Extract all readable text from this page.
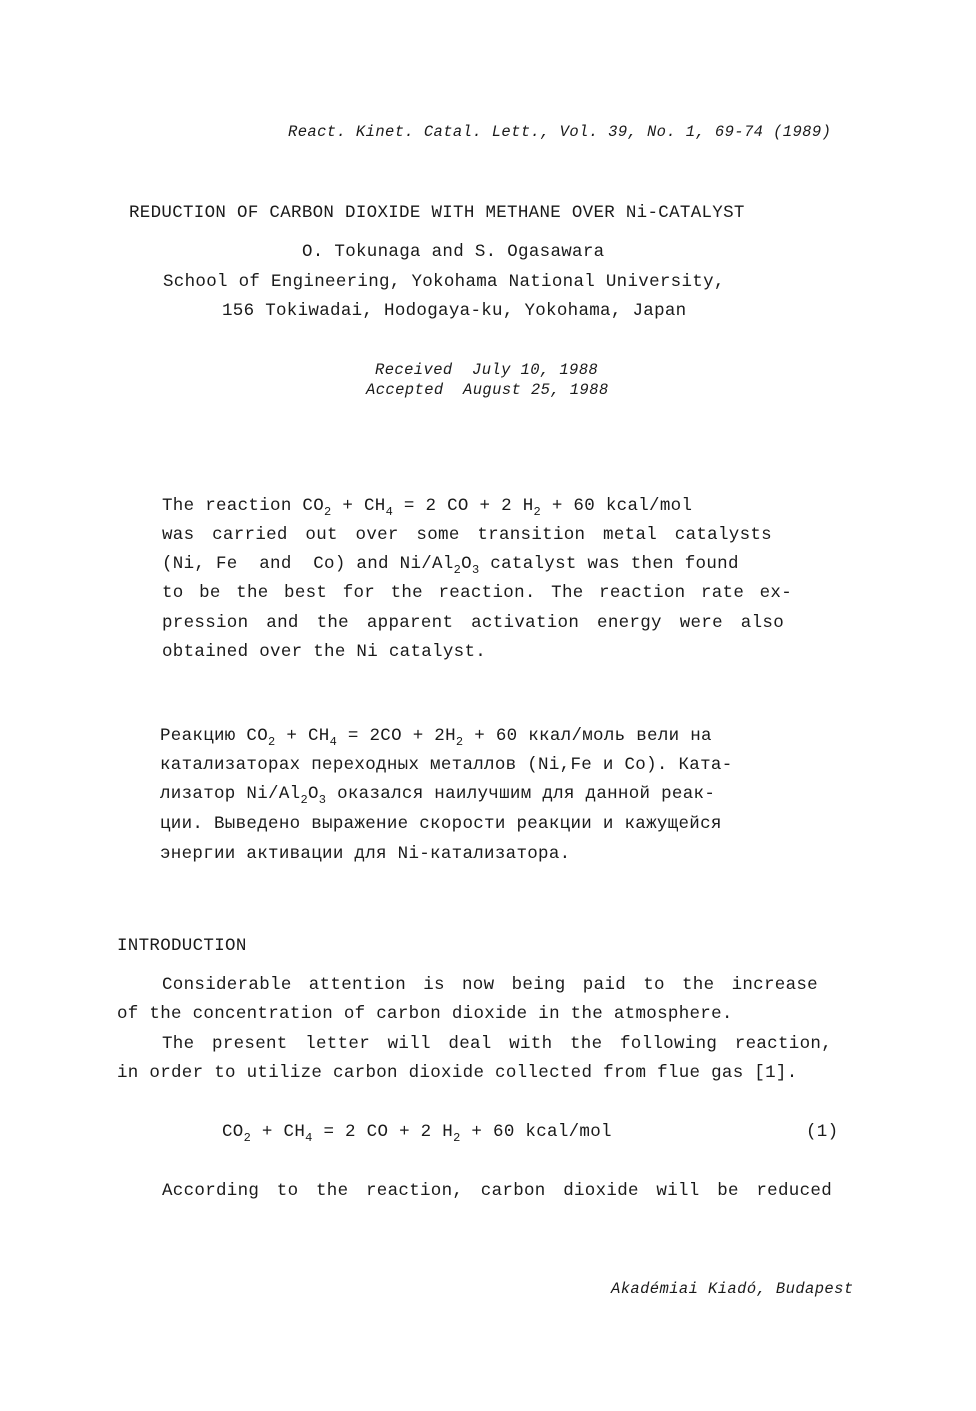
React. Kinet. Catal. Lett., Vol. 39, No. 1, 69-74 (1989)
REDUCTION OF CARBON DIOXIDE WITH METHANE OVER Ni-CATALYST
O. Tokunaga and S. Ogasawara
School of Engineering, Yokohama National University,
156 Tokiwadai, Hodogaya-ku, Yokohama, Japan
Received  July 10, 1988
Accepted  August 25, 1988
The reaction $CO_2 + CH_4 = 2$ CO + 2 $H_2 + 60$ kcal/mol
was carried out over some transition metal catalysts
(Ni, Fe  and  Co) and $Ni/Al_2O_3$ catalyst was then found
to be the best for the reaction. The reaction rate ex-
pression and the apparent activation energy were also
obtained over the Ni catalyst.
Реакцию $CO_2 + CH_4 = 2CO + 2H_2 + 60$ ккал/моль вели на
катализаторах переходных металлов (Ni,Fe и Co). Ката-
лизатор $Ni/Al_2O_3$ оказался наилучшим для данной реак-
ции. Выведено выражение скорости реакции и кажущейся
энергии активации для Ni-катализатора.
INTRODUCTION
Considerable attention is now being paid to the increase
of the concentration of carbon dioxide in the atmosphere.
The present letter will deal with the following reaction,
in order to utilize carbon dioxide collected from flue gas [1].
$CO_2 + CH_4 = 2$ CO + 2 $H_2 + 60$ kcal/mol	(1)
According to the reaction, carbon dioxide will be reduced
Akadémiai Kiadó, Budapest
